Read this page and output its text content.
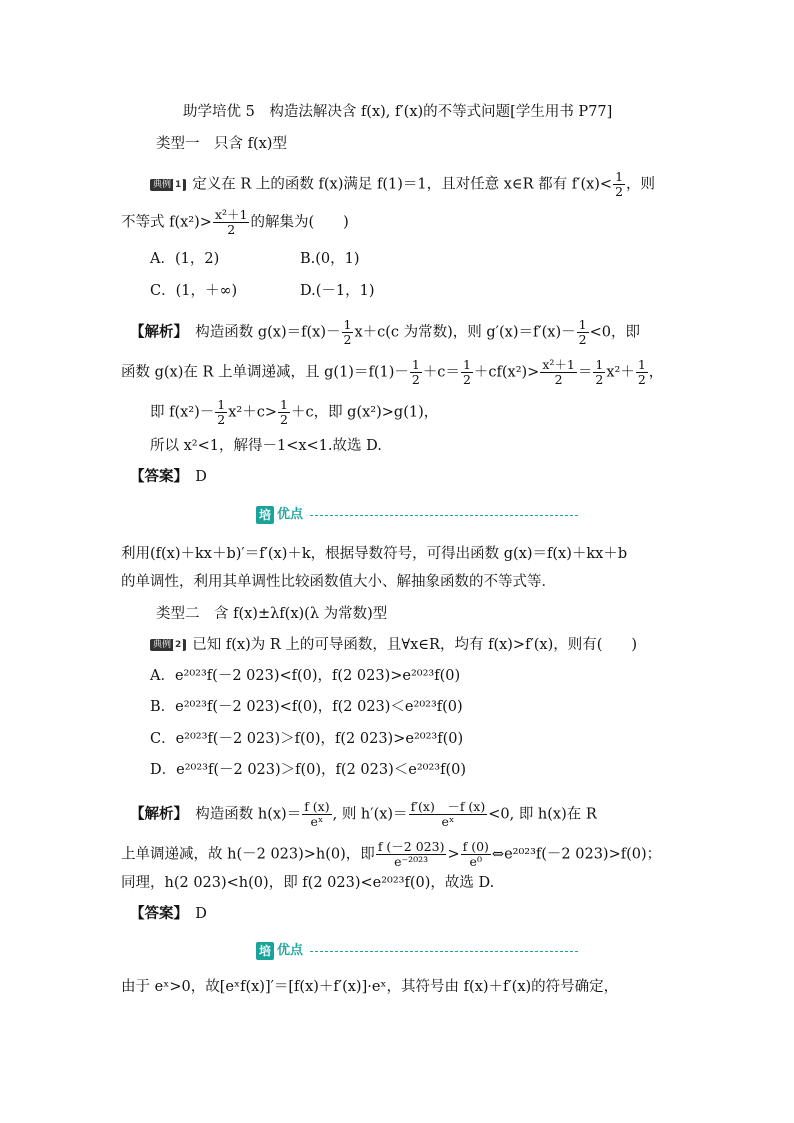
助学培优 5　构造法解决含 f(x), f′(x)的不等式问题[学生用书 P77]
类型一　只含 f(x)型
典例 1 定义在 R 上的函数 f(x)满足 f(1)＝1，且对任意 x∈R 都有 $f'(x)< \frac{1}{2}$ ，则
不等式 $f(x^2)> \frac{\text{x²＋1}}{2}$ 的解集为(　　)
A．(1，2)	B.(0，1)
C．(1，＋∞)	D.(－1，1)
【解析】　 构造函数 $g(x)=f(x)- \frac{1}{2} x+c(c$ 为常数)，则 $g'(x)=f'(x)- \frac{1}{2} <0$，即
函数 g(x)在 R 上单调递减，且 $g(1)=f(1)- \frac{1}{2} +c= \frac{1}{2} +cf(x^2)> \frac{\text{x²＋1}}{2} = \frac{1}{2} x^2+ \frac{1}{2}$ ，
即 $f(x^2)- \frac{1}{2} x^2+c> \frac{1}{2} +c$，即 g(x²)>g(1)，
所以 x²<1，解得－1<x<1.故选 D.
【答案】　 D
培 优点
利用(f(x)＋kx＋b)′＝f′(x)＋k，根据导数符号，可得出函数 g(x)＝f(x)＋kx＋b
的单调性，利用其单调性比较函数值大小、解抽象函数的不等式等．
类型二　含 f(x)±λf(x)(λ 为常数)型
典例 2 已知 f(x)为 R 上的可导函数，且∀x∈R，均有 f(x)>f′(x)，则有(　　)
A．e²⁰²³f(－2 023)<f(0)，f(2 023)>e²⁰²³f(0)
B．e²⁰²³f(－2 023)<f(0)，f(2 023)＜e²⁰²³f(0)
C．e²⁰²³f(－2 023)＞f(0)，f(2 023)>e²⁰²³f(0)
D．e²⁰²³f(－2 023)＞f(0)，f(2 023)＜e²⁰²³f(0)
【解析】　 构造函数 $h(x)= \frac{f (x)}{\text{eˣ}}$ , 则 $h'(x)= \frac{f'(x) -f (x)}{\text{eˣ}} <0$, 即 h(x)在 R
上单调递减，故 h(－2 023)>h(0)，即 $\frac{f (-2 023)}{\text{e⁻²⁰²³}} > \frac{f (0)}{\text{e⁰}}$ ⇔e²⁰²³f(－2 023)>f(0)；
同理，h(2 023)<h(0)，即 f(2 023)<e²⁰²³f(0)，故选 D.
【答案】　 D
培 优点
由于 eˣ>0，故[eˣf(x)]′＝[f(x)＋f′(x)]·eˣ，其符号由 f(x)＋f′(x)的符号确定，
